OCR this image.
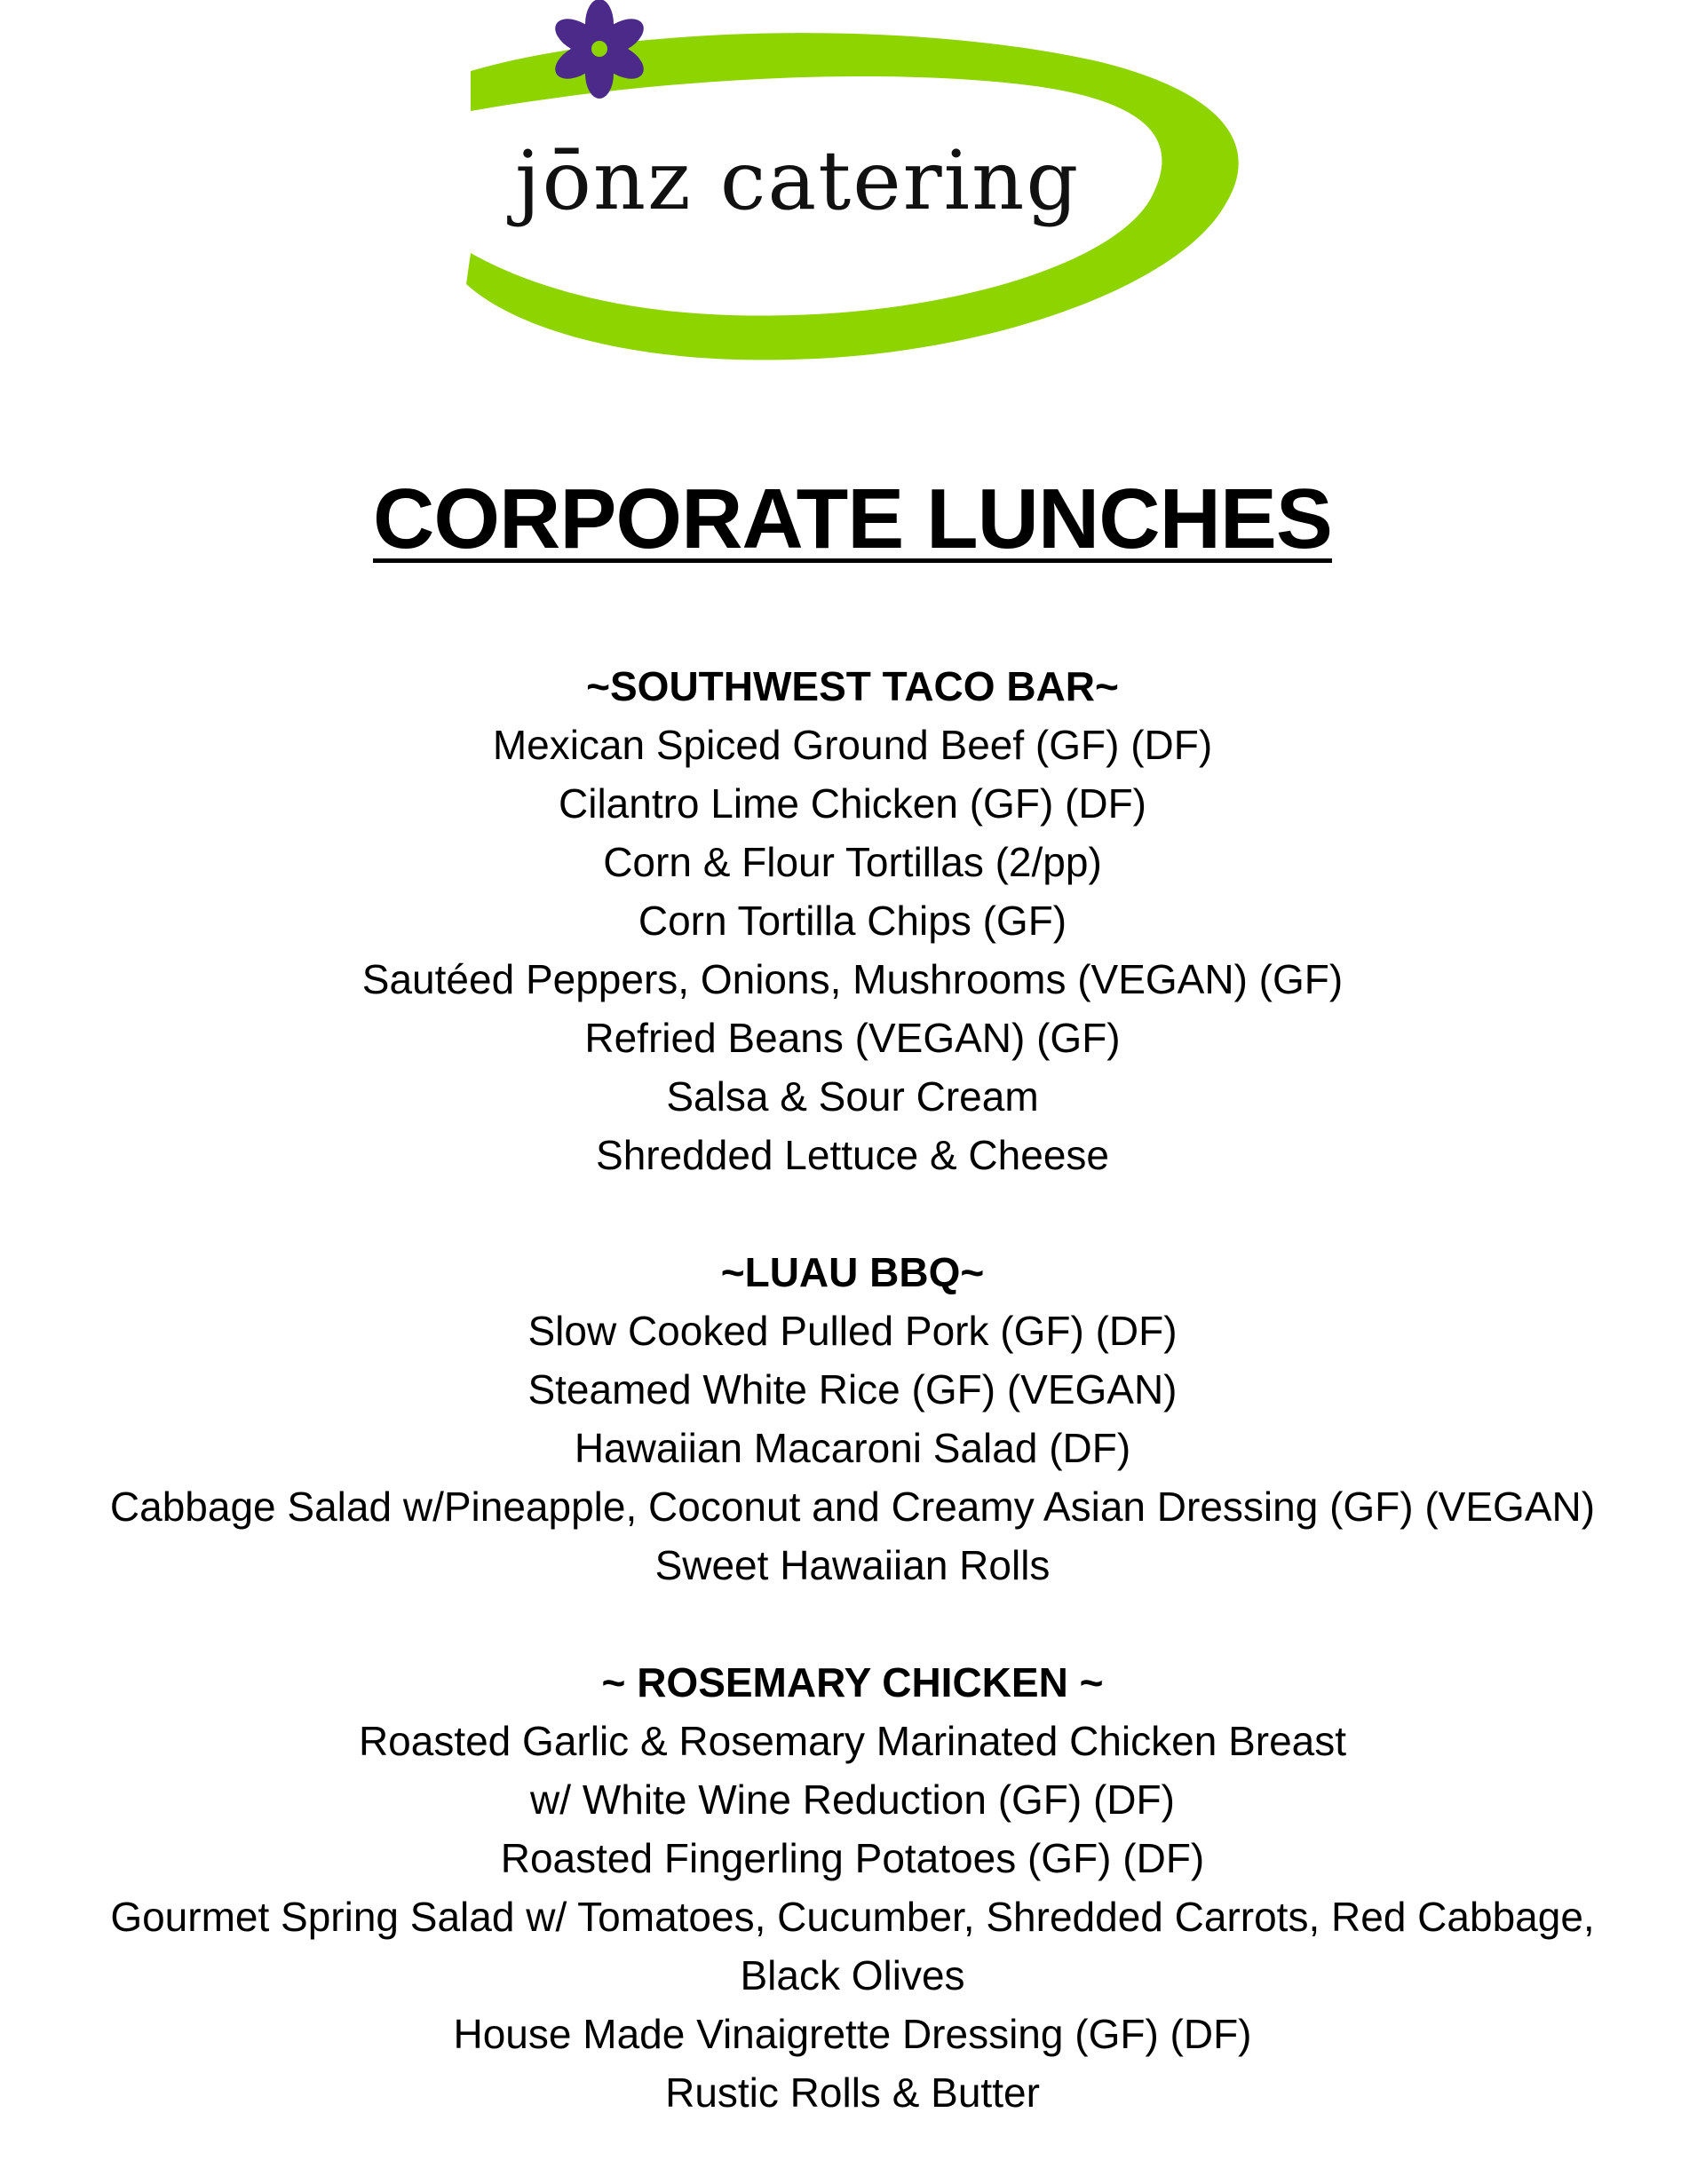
jōnz catering
CORPORATE LUNCHES

~SOUTHWEST TACO BAR~

Mexican Spiced Ground Beef (GF) (DF)

Cilantro Lime Chicken (GF) (DF)

Corn & Flour Tortillas (2/pp)

Corn Tortilla Chips (GF)

Sautéed Peppers, Onions, Mushrooms (VEGAN) (GF)

Refried Beans (VEGAN) (GF)

Salsa & Sour Cream

Shredded Lettuce & Cheese

~LUAU BBQ~

Slow Cooked Pulled Pork (GF) (DF)

Steamed White Rice (GF) (VEGAN)

Hawaiian Macaroni Salad (DF)

Cabbage Salad w/Pineapple, Coconut and Creamy Asian Dressing (GF) (VEGAN)

Sweet Hawaiian Rolls

~ ROSEMARY CHICKEN ~

Roasted Garlic & Rosemary Marinated Chicken Breast

w/ White Wine Reduction (GF) (DF)

Roasted Fingerling Potatoes (GF) (DF)

Gourmet Spring Salad w/ Tomatoes, Cucumber, Shredded Carrots, Red Cabbage,

Black Olives

House Made Vinaigrette Dressing (GF) (DF)

Rustic Rolls & Butter
